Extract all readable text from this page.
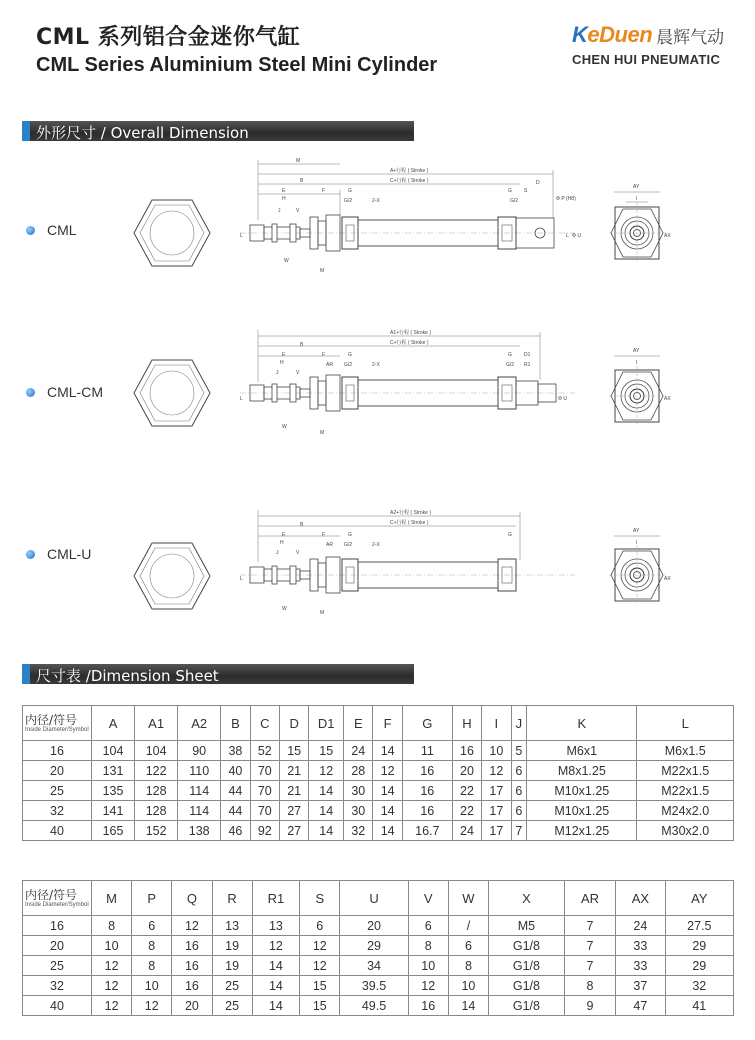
CML 系列铝合金迷你气缸
CML Series Aluminium Steel Mini Cylinder
KeDuen 晨辉气动
CHEN HUI PNEUMATIC
外形尺寸 / Overall Dimension
CML
CML-CM
CML-U
M
A+行程 ( Stroke )
C+行程 ( Stroke )
B
E	F	G
H
J
G/2	2-X
G S
D
G/2	Φ P (H8)
W
M
V
L	L Φ U
AY
I
AX
A1+行程 ( Stroke )
C+行程 ( Stroke )
B
E	F	G
H
J
AR G/2	2-X
G D1
G/2 R1
W
M
V
L	Φ U
AY
I
AX
A2+行程 ( Stroke )
C+行程 ( Stroke )
B
E	F	G
H
J
AR G/2	2-X
G
W
M
V
L
AY
I
AX
尺寸表 /Dimension Sheet
内径/符号
Inside Diameter/Symbol	A	A1	A2	B	C	D	D1	E	F	G	H	I	J	K	L
16	104	104	90	38	52	15	15	24	14	11	16	10	5	M6x1	M6x1.5
20	131	122	110	40	70	21	12	28	12	16	20	12	6	M8x1.25	M22x1.5
25	135	128	114	44	70	21	14	30	14	16	22	17	6	M10x1.25	M22x1.5
32	141	128	114	44	70	27	14	30	14	16	22	17	6	M10x1.25	M24x2.0
40	165	152	138	46	92	27	14	32	14	16.7	24	17	7	M12x1.25	M30x2.0
内径/符号
Inside Diameter/Symbol	M	P	Q	R	R1	S	U	V	W	X	AR	AX	AY
16	8	6	12	13	13	6	20	6	/	M5	7	24	27.5
20	10	8	16	19	12	12	29	8	6	G1/8	7	33	29
25	12	8	16	19	14	12	34	10	8	G1/8	7	33	29
32	12	10	16	25	14	15	39.5	12	10	G1/8	8	37	32
40	12	12	20	25	14	15	49.5	16	14	G1/8	9	47	41
